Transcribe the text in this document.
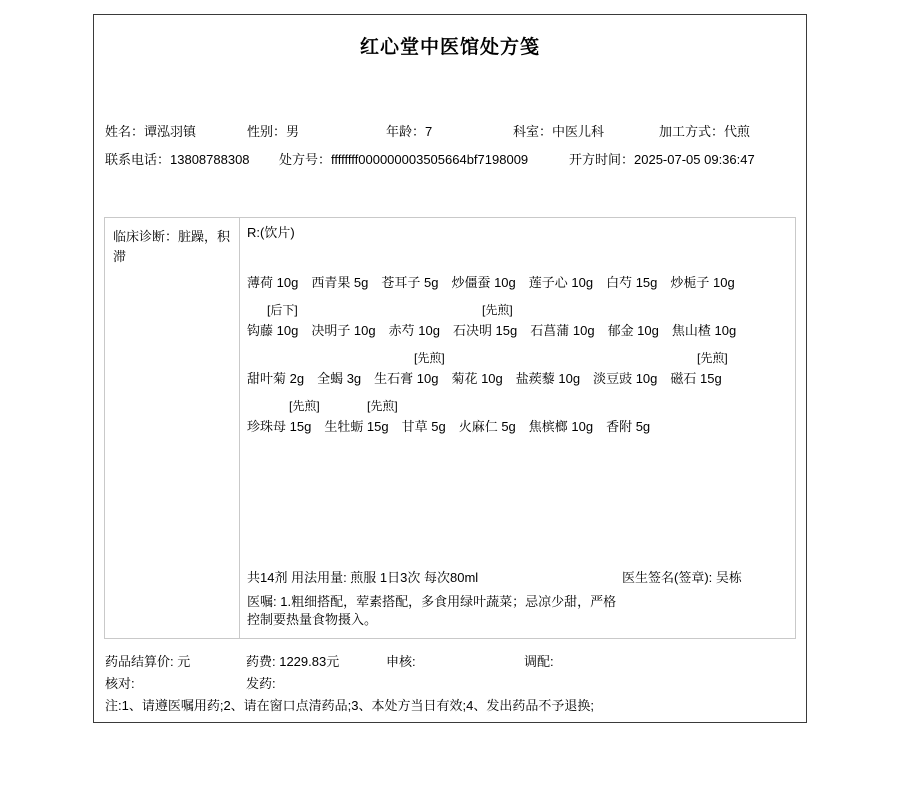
红心堂中医馆处方笺
姓名：谭泓羽镇	性别：男	年龄：7	科室：中医儿科	加工方式：代煎
联系电话：13808788308 处方号：ffffffff000000003505664bf7198009	开方时间：2025-07-05 09:36:47
临床诊断：脏躁，积滞
R:(饮片)
薄荷 10g 西青果 5g 苍耳子 5g 炒僵蚕 10g 莲子心 10g 白芍 15g 炒栀子 10g
[后下]	[先煎]
钩藤 10g 决明子 10g 赤芍 10g 石决明 15g 石菖蒲 10g 郁金 10g 焦山楂 10g
[先煎]	[先煎]
甜叶菊 2g 全蝎 3g 生石膏 10g 菊花 10g 盐蒺藜 10g 淡豆豉 10g 磁石 15g
[先煎]	[先煎]
珍珠母 15g 生牡蛎 15g 甘草 5g 火麻仁 5g 焦槟榔 10g 香附 5g
共14剂 用法用量: 煎服 1日3次 每次80ml	医生签名(签章): 吴栋
医嘱: 1.粗细搭配，荤素搭配，多食用绿叶蔬菜；忌凉少甜，严格
控制要热量食物摄入。
药品结算价: 元	药费: 1229.83元	申核:	调配:
核对:	发药:
注:1、请遵医嘱用药;2、请在窗口点清药品;3、本处方当日有效;4、发出药品不予退换;
